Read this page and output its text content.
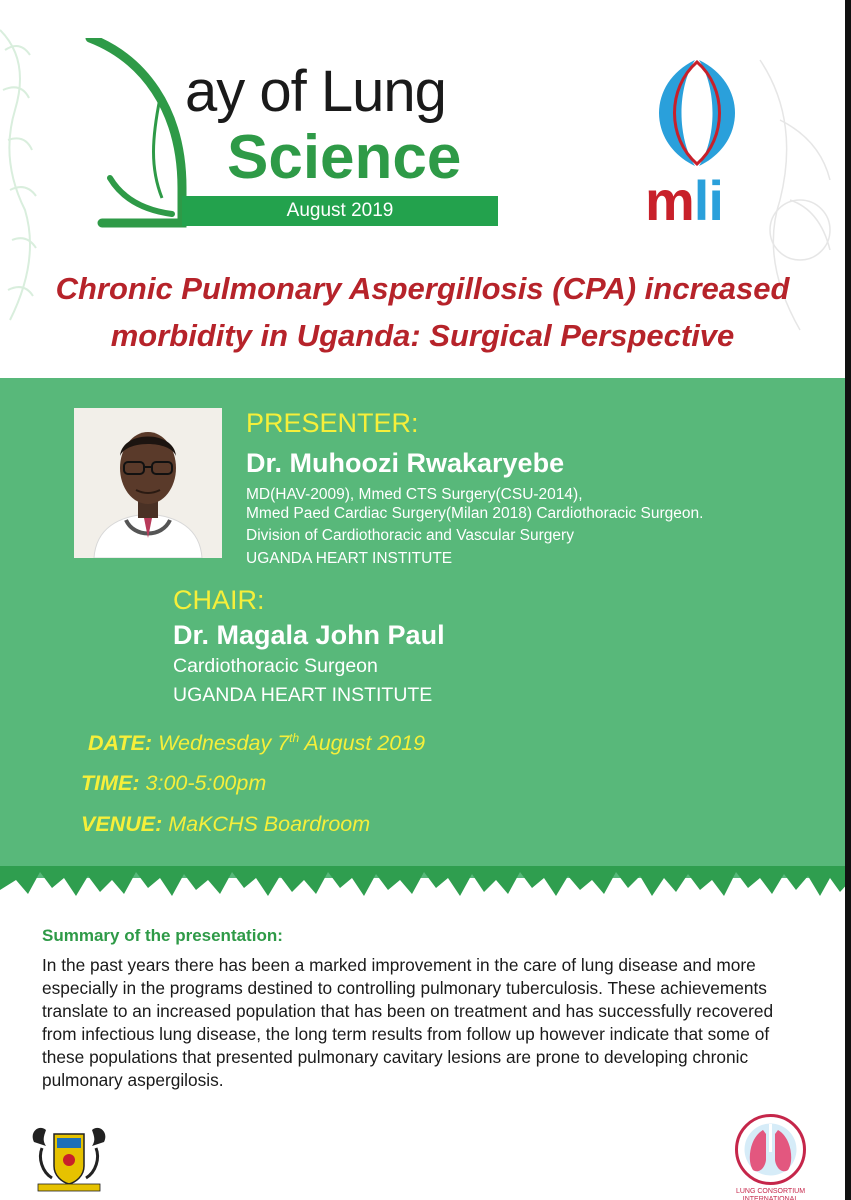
ay of Lung
Science
August 2019	mli
Chronic Pulmonary Aspergillosis (CPA) increased
morbidity in Uganda: Surgical Perspective
PRESENTER:
Dr. Muhoozi Rwakaryebe
MD(HAV-2009), Mmed CTS Surgery(CSU-2014),
Mmed Paed Cardiac Surgery(Milan 2018) Cardiothoracic Surgeon.
Division of Cardiothoracic and Vascular Surgery
UGANDA HEART INSTITUTE
CHAIR:
Dr. Magala John Paul
Cardiothoracic Surgeon
UGANDA HEART INSTITUTE
DATE: Wednesday 7th August 2019
TIME: 3:00-5:00pm
VENUE: MaKCHS Boardroom
Summary of the presentation:
In the past years there has been a marked improvement in the care of lung disease and more especially in the programs destined to controlling pulmonary tuberculosis. These achievements translate to an increased population that has been on treatment and has successfully recovered from infectious lung disease, the long term results from follow up however indicate that some of these populations that presented pulmonary cavitary lesions are prone to developing chronic pulmonary aspergilosis.
LUNG CONSORTIUM
INTERNATIONAL
